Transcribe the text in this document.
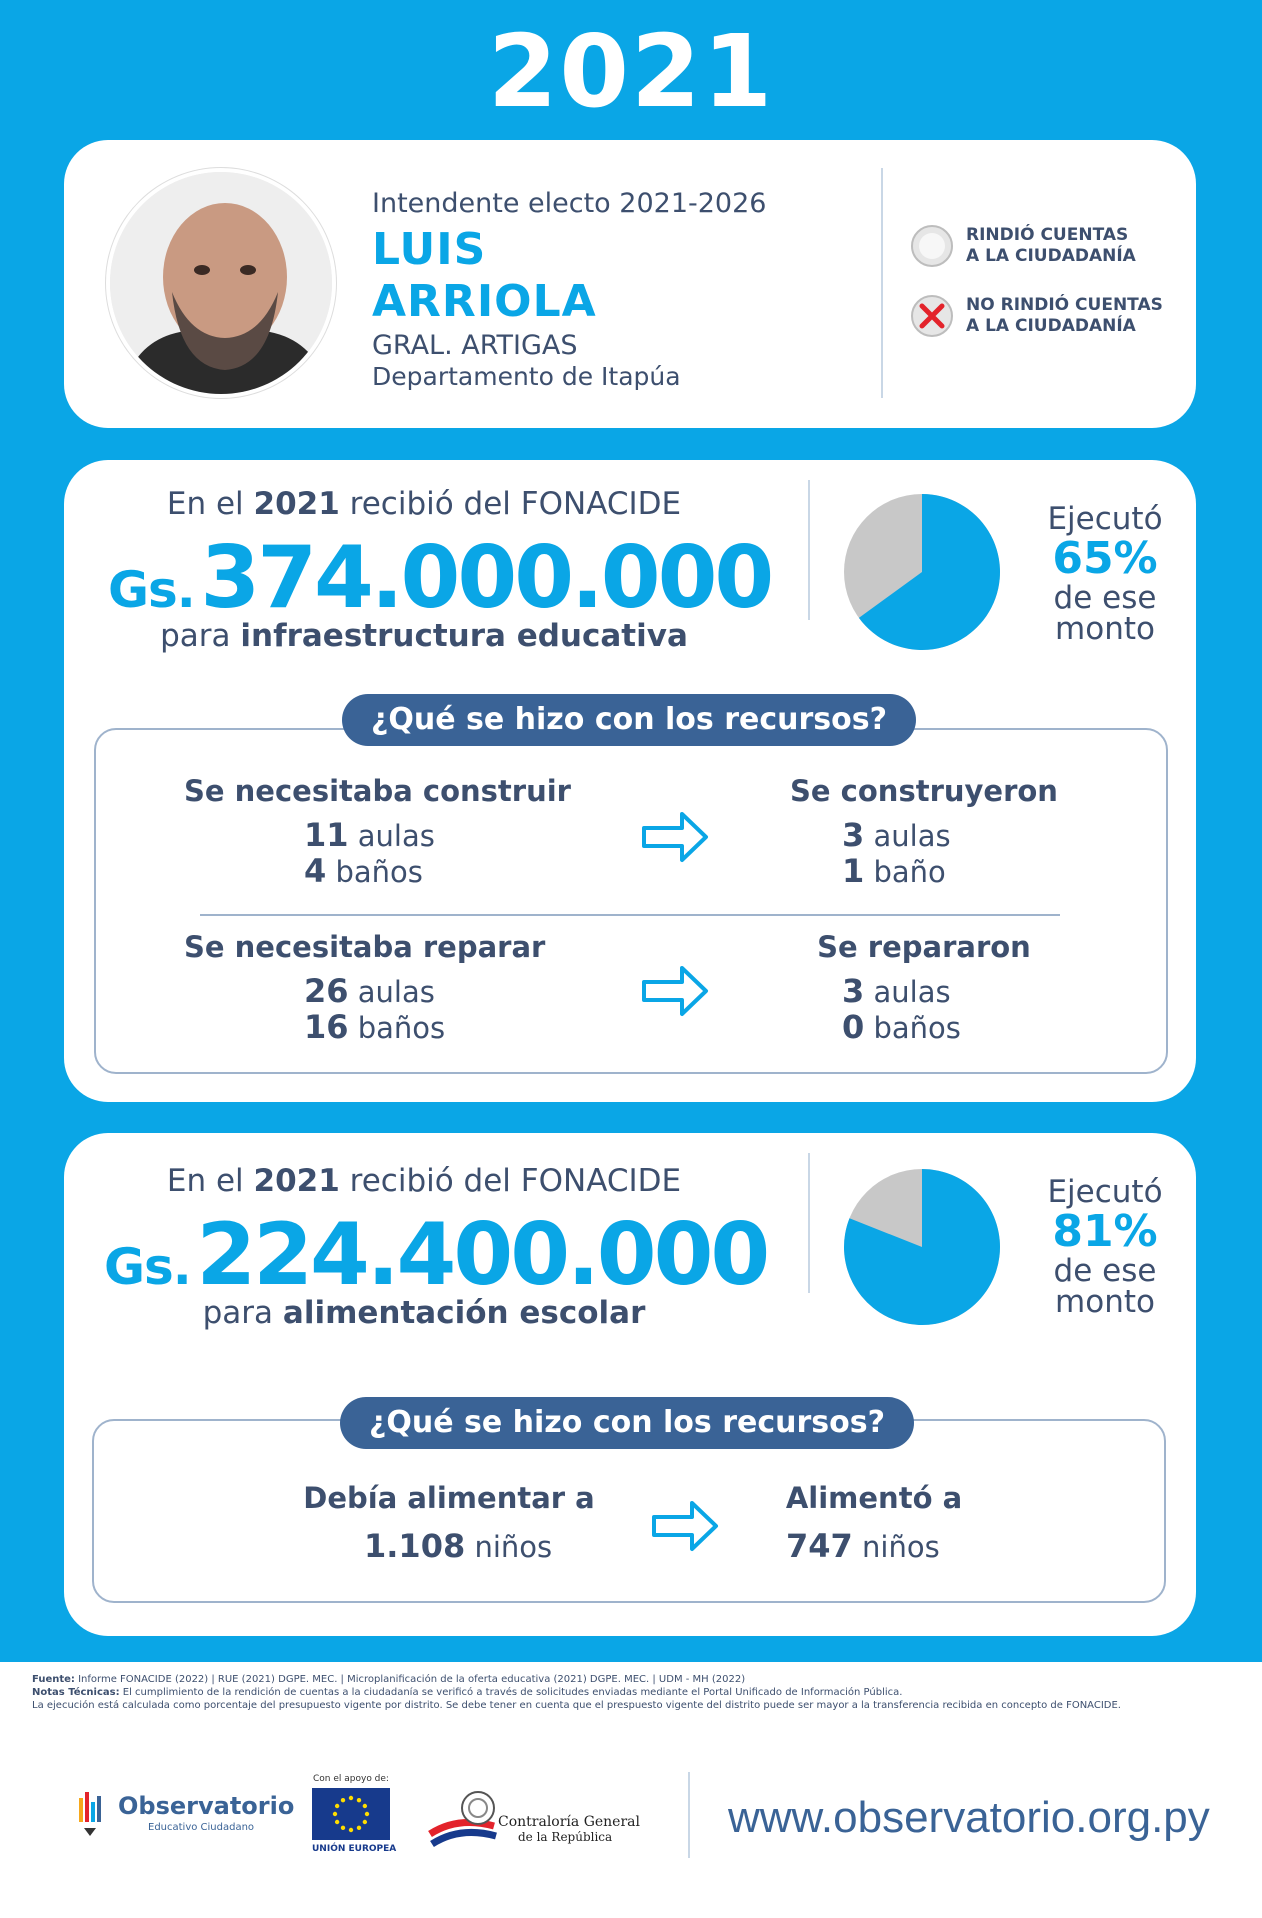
2021
Intendente electo 2021-2026
LUIS
ARRIOLA
GRAL. ARTIGAS
Departamento de Itapúa
RINDIÓ CUENTAS
A LA CIUDADANÍA
NO RINDIÓ CUENTAS
A LA CIUDADANÍA
En el 2021 recibió del FONACIDE
Gs. 374.000.000
para infraestructura educativa
Ejecutó
65%
de ese
monto
¿Qué se hizo con los recursos?
Se necesitaba construir
11 aulas
4 baños
Se construyeron
3 aulas
1 baño
Se necesitaba reparar
26 aulas
16 baños
Se repararon
3 aulas
0 baños
En el 2021 recibió del FONACIDE
Gs. 224.400.000
para alimentación escolar
Ejecutó
81%
de ese
monto
¿Qué se hizo con los recursos?
Debía alimentar a
1.108 niños
Alimentó a
747 niños
Fuente: Informe FONACIDE (2022) | RUE (2021) DGPE. MEC. | Microplanificación de la oferta educativa (2021) DGPE. MEC. | UDM - MH (2022)
Notas Técnicas: El cumplimiento de la rendición de cuentas a la ciudadanía se verificó a través de solicitudes enviadas mediante el Portal Unificado de Información Pública.
La ejecución está calculada como porcentaje del presupuesto vigente por distrito. Se debe tener en cuenta que el prespuesto vigente del distrito puede ser mayor a la transferencia recibida en concepto de FONACIDE.
Observatorio
Educativo Ciudadano
Con el apoyo de:
UNIÓN EUROPEA
Contraloría General
de la República	www.observatorio.org.py
